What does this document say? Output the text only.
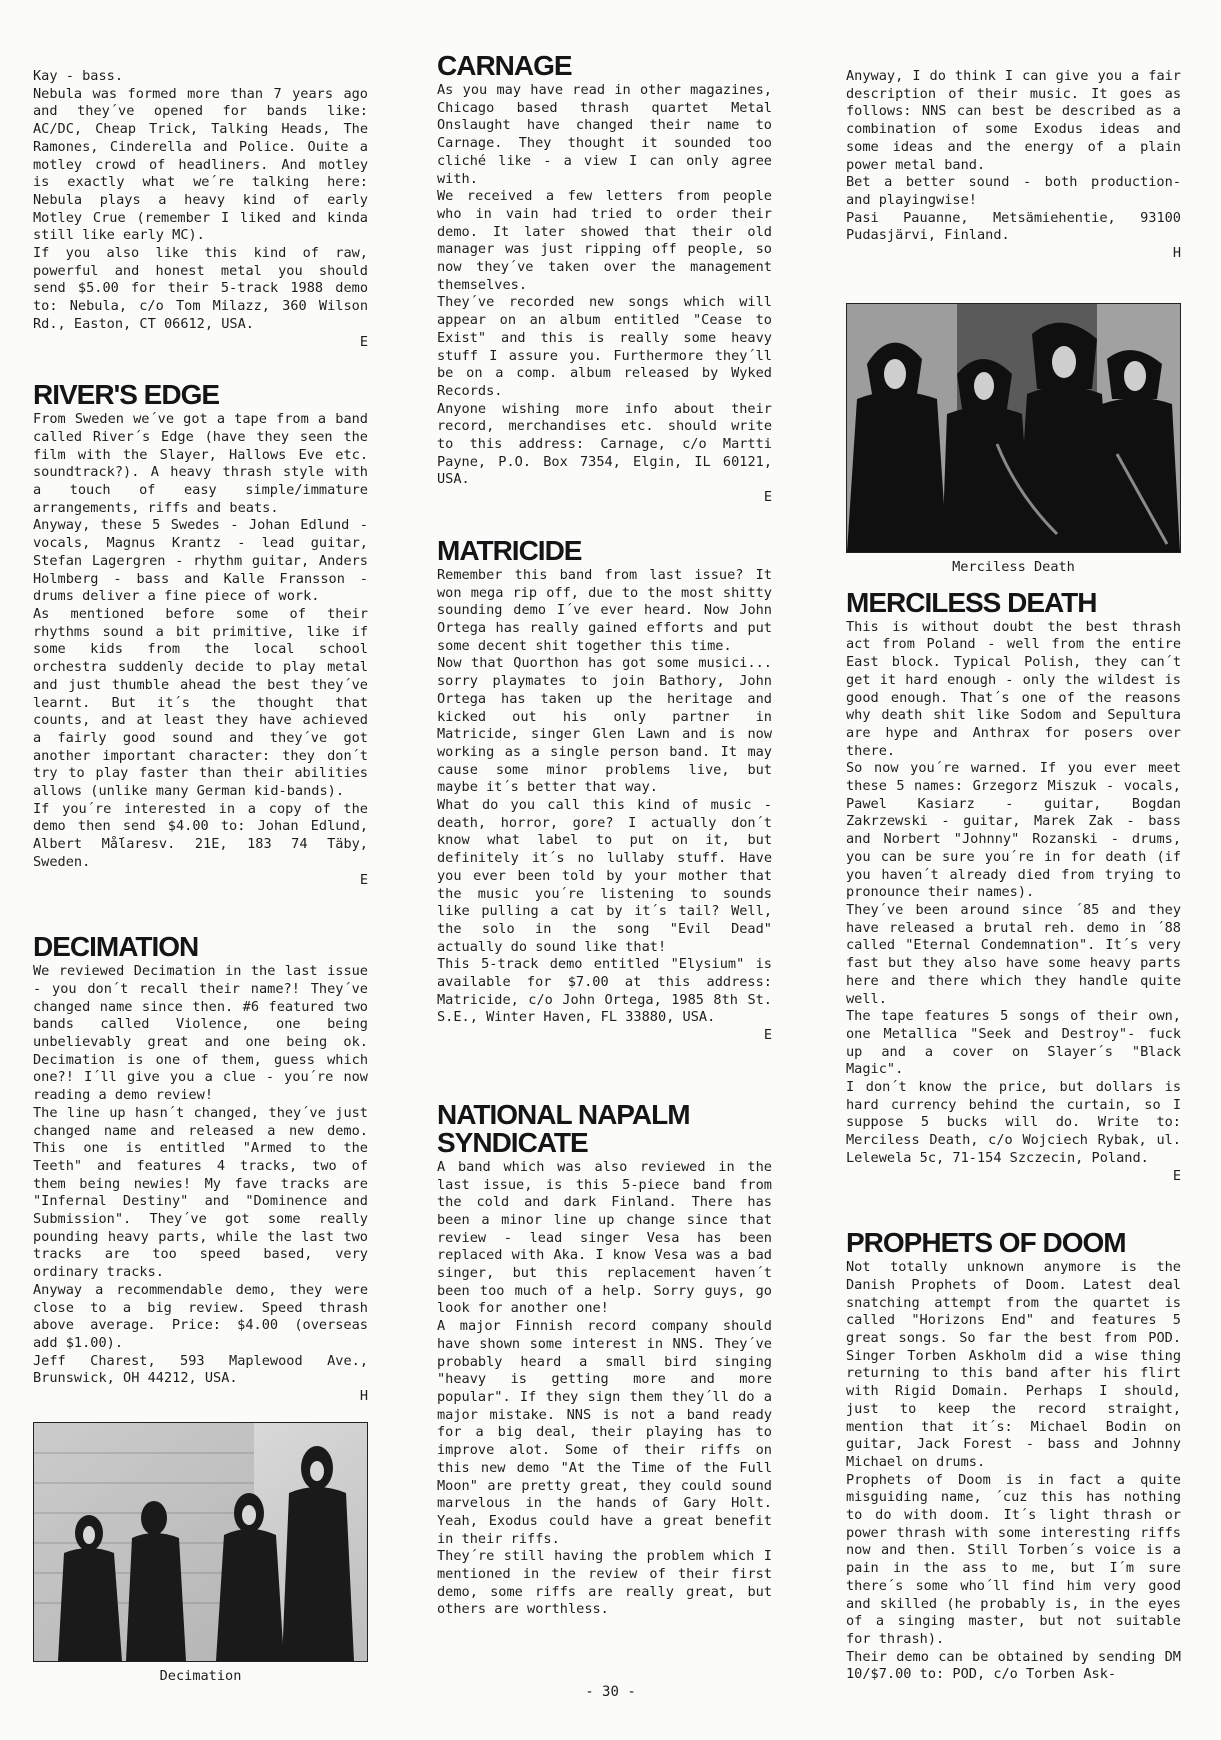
Kay - bass.

Nebula was formed more than 7 years ago and they´ve opened for bands like: AC/DC, Cheap Trick, Talking Heads, The Ramones, Cinderella and Police. Ouite a motley crowd of headliners. And motley is exactly what we´re talking here: Nebula plays a heavy kind of early Motley Crue (remember I liked and kinda still like early MC).

If you also like this kind of raw, powerful and honest metal you should send $5.00 for their 5-track 1988 demo to: Nebula, c/o Tom Milazz, 360 Wilson Rd., Easton, CT 06612, USA.

E

RIVER'S EDGE

From Sweden we´ve got a tape from a band called River´s Edge (have they seen the film with the Slayer, Hallows Eve etc. soundtrack?). A heavy thrash style with a touch of easy simple/immature arrangements, riffs and beats.

Anyway, these 5 Swedes - Johan Edlund - vocals, Magnus Krantz - lead guitar, Stefan Lagergren - rhythm guitar, Anders Holmberg - bass and Kalle Fransson - drums deliver a fine piece of work.

As mentioned before some of their rhythms sound a bit primitive, like if some kids from the local school orchestra suddenly decide to play metal and just thumble ahead the best they´ve learnt. But it´s the thought that counts, and at least they have achieved a fairly good sound and they´ve got another important character: they don´t try to play faster than their abilities allows (unlike many German kid-bands).

If you´re interested in a copy of the demo then send $4.00 to: Johan Edlund, Albert Mǻlaresv. 21E, 183 74 Täby, Sweden.

E

DECIMATION

We reviewed Decimation in the last issue - you don´t recall their name?! They´ve changed name since then. #6 featured two bands called Violence, one being unbelievably great and one being ok. Decimation is one of them, guess which one?! I´ll give you a clue - you´re now reading a demo review!

The line up hasn´t changed, they´ve just changed name and released a new demo. This one is entitled "Armed to the Teeth" and features 4 tracks, two of them being newies! My fave tracks are "Infernal Destiny" and "Dominence and Submission". They´ve got some really pounding heavy parts, while the last two tracks are too speed based, very ordinary tracks.

Anyway a recommendable demo, they were close to a big review. Speed thrash above average. Price: $4.00 (overseas add $1.00).

Jeff Charest, 593 Maplewood Ave., Brunswick, OH 44212, USA.

H

Decimation
CARNAGE

As you may have read in other magazines, Chicago based thrash quartet Metal Onslaught have changed their name to Carnage. They thought it sounded too cliché like - a view I can only agree with.

We received a few letters from people who in vain had tried to order their demo. It later showed that their old manager was just ripping off people, so now they´ve taken over the management themselves.

They´ve recorded new songs which will appear on an album entitled "Cease to Exist" and this is really some heavy stuff I assure you. Furthermore they´ll be on a comp. album released by Wyked Records.

Anyone wishing more info about their record, merchandises etc. should write to this address: Carnage, c/o Martti Payne, P.O. Box 7354, Elgin, IL 60121, USA.

E

MATRICIDE

Remember this band from last issue? It won mega rip off, due to the most shitty sounding demo I´ve ever heard. Now John Ortega has really gained efforts and put some decent shit together this time.

Now that Quorthon has got some musici... sorry playmates to join Bathory, John Ortega has taken up the heritage and kicked out his only partner in Matricide, singer Glen Lawn and is now working as a single person band. It may cause some minor problems live, but maybe it´s better that way.

What do you call this kind of music - death, horror, gore? I actually don´t know what label to put on it, but definitely it´s no lullaby stuff. Have you ever been told by your mother that the music you´re listening to sounds like pulling a cat by it´s tail? Well, the solo in the song "Evil Dead" actually do sound like that!

This 5-track demo entitled "Elysium" is available for $7.00 at this address: Matricide, c/o John Ortega, 1985 8th St. S.E., Winter Haven, FL 33880, USA.

E

NATIONAL NAPALM
SYNDICATE

A band which was also reviewed in the last issue, is this 5-piece band from the cold and dark Finland. There has been a minor line up change since that review - lead singer Vesa has been replaced with Aka. I know Vesa was a bad singer, but this replacement haven´t been too much of a help. Sorry guys, go look for another one!

A major Finnish record company should have shown some interest in NNS. They´ve probably heard a small bird singing "heavy is getting more and more popular". If they sign them they´ll do a major mistake. NNS is not a band ready for a big deal, their playing has to improve alot. Some of their riffs on this new demo "At the Time of the Full Moon" are pretty great, they could sound marvelous in the hands of Gary Holt. Yeah, Exodus could have a great benefit in their riffs.

They´re still having the problem which I mentioned in the review of their first demo, some riffs are really great, but others are worthless.

Anyway, I do think I can give you a fair description of their music. It goes as follows: NNS can best be described as a combination of some Exodus ideas and some ideas and the energy of a plain power metal band.

Bet a better sound - both production- and playingwise!

Pasi Pauanne, Metsämiehentie, 93100 Pudasjärvi, Finland.

H

Merciless Death
MERCILESS DEATH

This is without doubt the best thrash act from Poland - well from the entire East block. Typical Polish, they can´t get it hard enough - only the wildest is good enough. That´s one of the reasons why death shit like Sodom and Sepultura are hype and Anthrax for posers over there.

So now you´re warned. If you ever meet these 5 names: Grzegorz Miszuk - vocals, Pawel Kasiarz - guitar, Bogdan Zakrzewski - guitar, Marek Zak - bass and Norbert "Johnny" Rozanski - drums, you can be sure you´re in for death (if you haven´t already died from trying to pronounce their names).

They´ve been around since ´85 and they have released a brutal reh. demo in ´88 called "Eternal Condemnation". It´s very fast but they also have some heavy parts here and there which they handle quite well.

The tape features 5 songs of their own, one Metallica "Seek and Destroy"- fuck up and a cover on Slayer´s "Black Magic".

I don´t know the price, but dollars is hard currency behind the curtain, so I suppose 5 bucks will do. Write to: Merciless Death, c/o Wojciech Rybak, ul. Lelewela 5c, 71-154 Szczecin, Poland.

E

PROPHETS OF DOOM

Not totally unknown anymore is the Danish Prophets of Doom. Latest deal snatching attempt from the quartet is called "Horizons End" and features 5 great songs. So far the best from POD. Singer Torben Askholm did a wise thing returning to this band after his flirt with Rigid Domain. Perhaps I should, just to keep the record straight, mention that it´s: Michael Bodin on guitar, Jack Forest - bass and Johnny Michael on drums.

Prophets of Doom is in fact a quite misguiding name, ´cuz this has nothing to do with doom. It´s light thrash or power thrash with some interesting riffs now and then. Still Torben´s voice is a pain in the ass to me, but I´m sure there´s some who´ll find him very good and skilled (he probably is, in the eyes of a singing master, but not suitable for thrash).

Their demo can be obtained by sending DM 10/$7.00 to: POD, c/o Torben Ask-

- 30 -
